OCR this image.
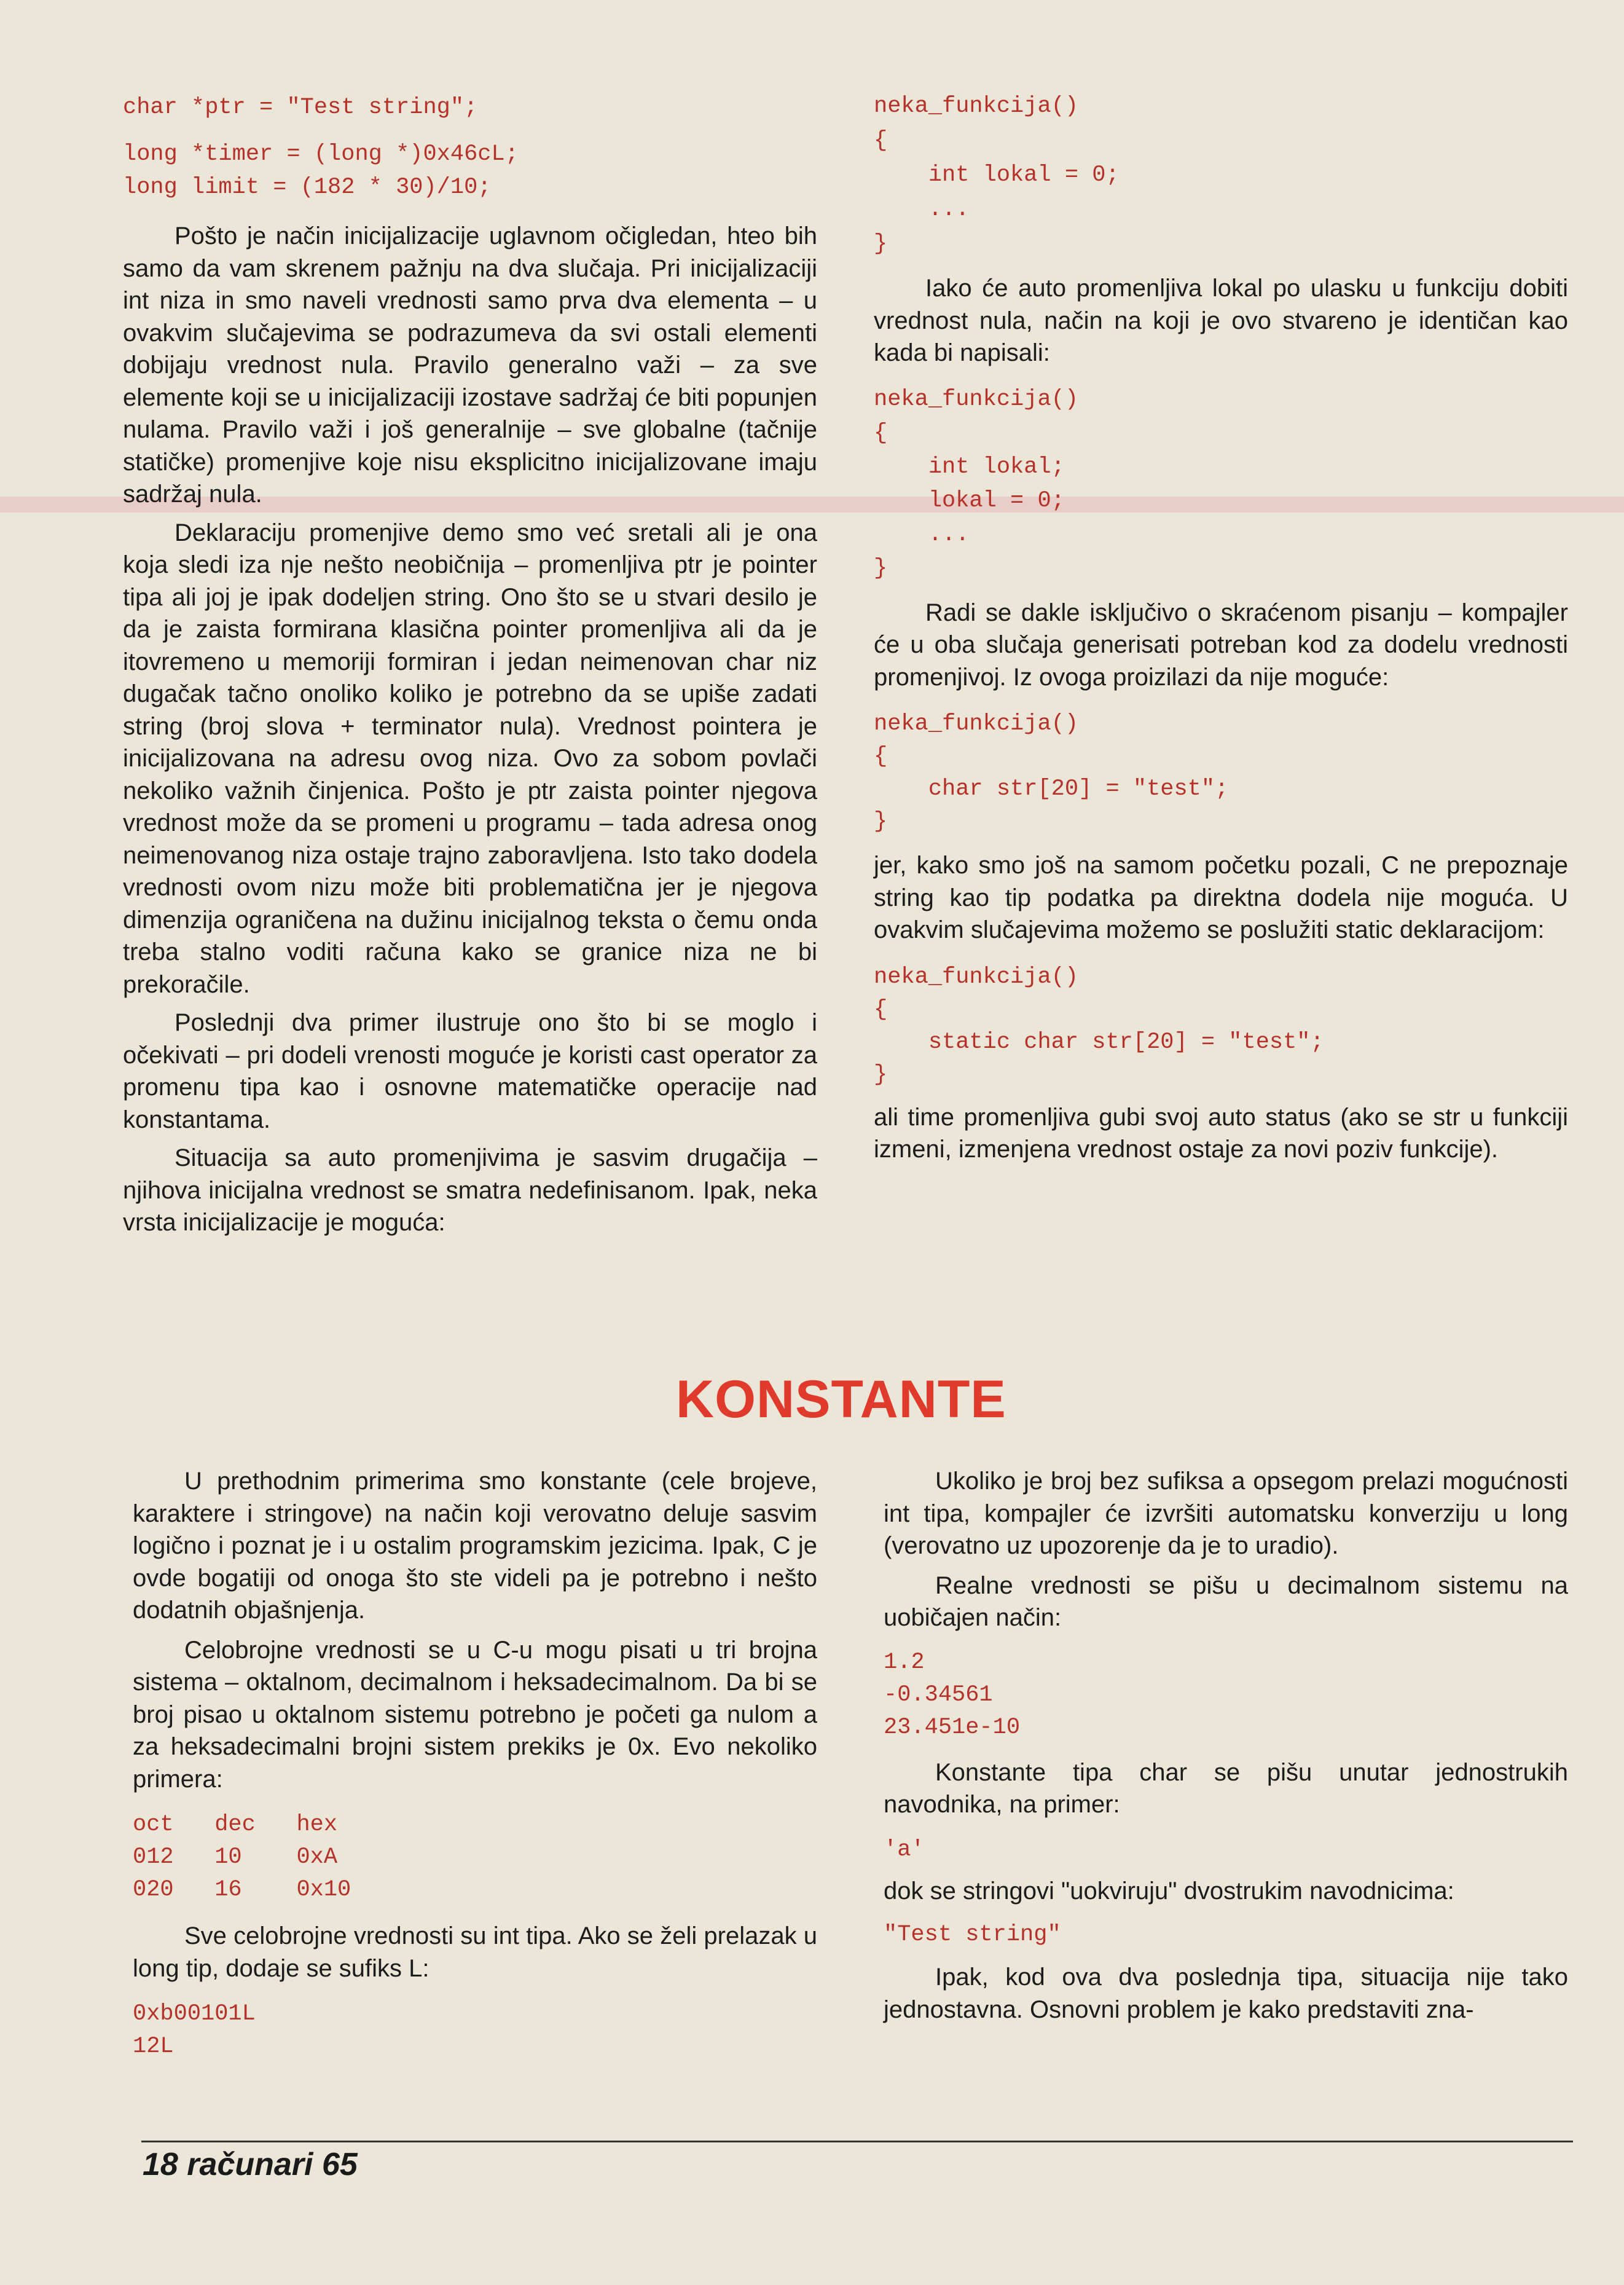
char *ptr = "Test string";
long *timer = (long *)0x46cL;
long limit = (182 * 30)/10;

Pošto je način inicijalizacije uglavnom očigledan, hteo bih samo da vam skrenem pažnju na dva slučaja. Pri inicijalizaciji int niza in smo naveli vrednosti samo prva dva elementa – u ovakvim slučajevima se podrazumeva da svi ostali elementi dobijaju vrednost nula. Pravilo generalno važi – za sve elemente koji se u inicijalizaciji izostave sadržaj će biti popunjen nulama. Pravilo važi i još generalnije – sve globalne (tačnije statičke) promenjive koje nisu eksplicitno inicijalizovane imaju sadržaj nula.

Deklaraciju promenjive demo smo već sretali ali je ona koja sledi iza nje nešto neobičnija – promenljiva ptr je pointer tipa ali joj je ipak dodeljen string. Ono što se u stvari desilo je da je zaista formirana klasična pointer promenljiva ali da je itovremeno u memoriji formiran i jedan neimenovan char niz dugačak tačno onoliko koliko je potrebno da se upiše zadati string (broj slova + terminator nula). Vrednost pointera je inicijalizovana na adresu ovog niza. Ovo za sobom povlači nekoliko važnih činjenica. Pošto je ptr zaista pointer njegova vrednost može da se promeni u programu – tada adresa onog neimenovanog niza ostaje trajno zaboravljena. Isto tako dodela vrednosti ovom nizu može biti problematična jer je njegova dimenzija ograničena na dužinu inicijalnog teksta o čemu onda treba stalno voditi računa kako se granice niza ne bi prekoračile.

Poslednji dva primer ilustruje ono što bi se moglo i očekivati – pri dodeli vrenosti moguće je koristi cast operator za promenu tipa kao i osnovne matematičke operacije nad konstantama.

Situacija sa auto promenjivima je sasvim drugačija – njihova inicijalna vrednost se smatra nedefinisanom. Ipak, neka vrsta inicijalizacije je moguća:

neka_funkcija()
{
int lokal = 0;
...
}

Iako će auto promenljiva lokal po ulasku u funkciju dobiti vrednost nula, način na koji je ovo stvareno je identičan kao kada bi napisali:

neka_funkcija()
{
int lokal;
lokal = 0;
...
}

Radi se dakle isključivo o skraćenom pisanju – kompajler će u oba slučaja generisati potreban kod za dodelu vrednosti promenjivoj. Iz ovoga proizilazi da nije moguće:

neka_funkcija()
{
char str[20] = "test";
}

jer, kako smo još na samom početku pozali, C ne prepoznaje string kao tip podatka pa direktna dodela nije moguća. U ovakvim slučajevima možemo se poslužiti static deklaracijom:

neka_funkcija()
{
static char str[20] = "test";
}

ali time promenljiva gubi svoj auto status (ako se str u funkciji izmeni, izmenjena vrednost ostaje za novi poziv funkcije).

KONSTANTE

U prethodnim primerima smo konstante (cele brojeve, karaktere i stringove) na način koji verovatno deluje sasvim logično i poznat je i u ostalim programskim jezicima. Ipak, C je ovde bogatiji od onoga što ste videli pa je potrebno i nešto dodatnih objašnjenja.

Celobrojne vrednosti se u C-u mogu pisati u tri brojna sistema – oktalnom, decimalnom i heksadecimalnom. Da bi se broj pisao u oktalnom sistemu potrebno je početi ga nulom a za heksadecimalni brojni sistem prekiks je 0x. Evo nekoliko primera:

oct   dec   hex
012   10    0xA
020   16    0x10

Sve celobrojne vrednosti su int tipa. Ako se želi prelazak u long tip, dodaje se sufiks L:

0xb00101L
12L

Ukoliko je broj bez sufiksa a opsegom prelazi mogućnosti int tipa, kompajler će izvršiti automatsku konverziju u long (verovatno uz upozorenje da je to uradio).

Realne vrednosti se pišu u decimalnom sistemu na uobičajen način:

1.2
-0.34561
23.451e-10

Konstante tipa char se pišu unutar jednostrukih navodnika, na primer:

'a'

dok se stringovi "uokviruju" dvostrukim navodnicima:

"Test string"

Ipak, kod ova dva poslednja tipa, situacija nije tako jednostavna. Osnovni problem je kako predstaviti zna-

18 računari 65
